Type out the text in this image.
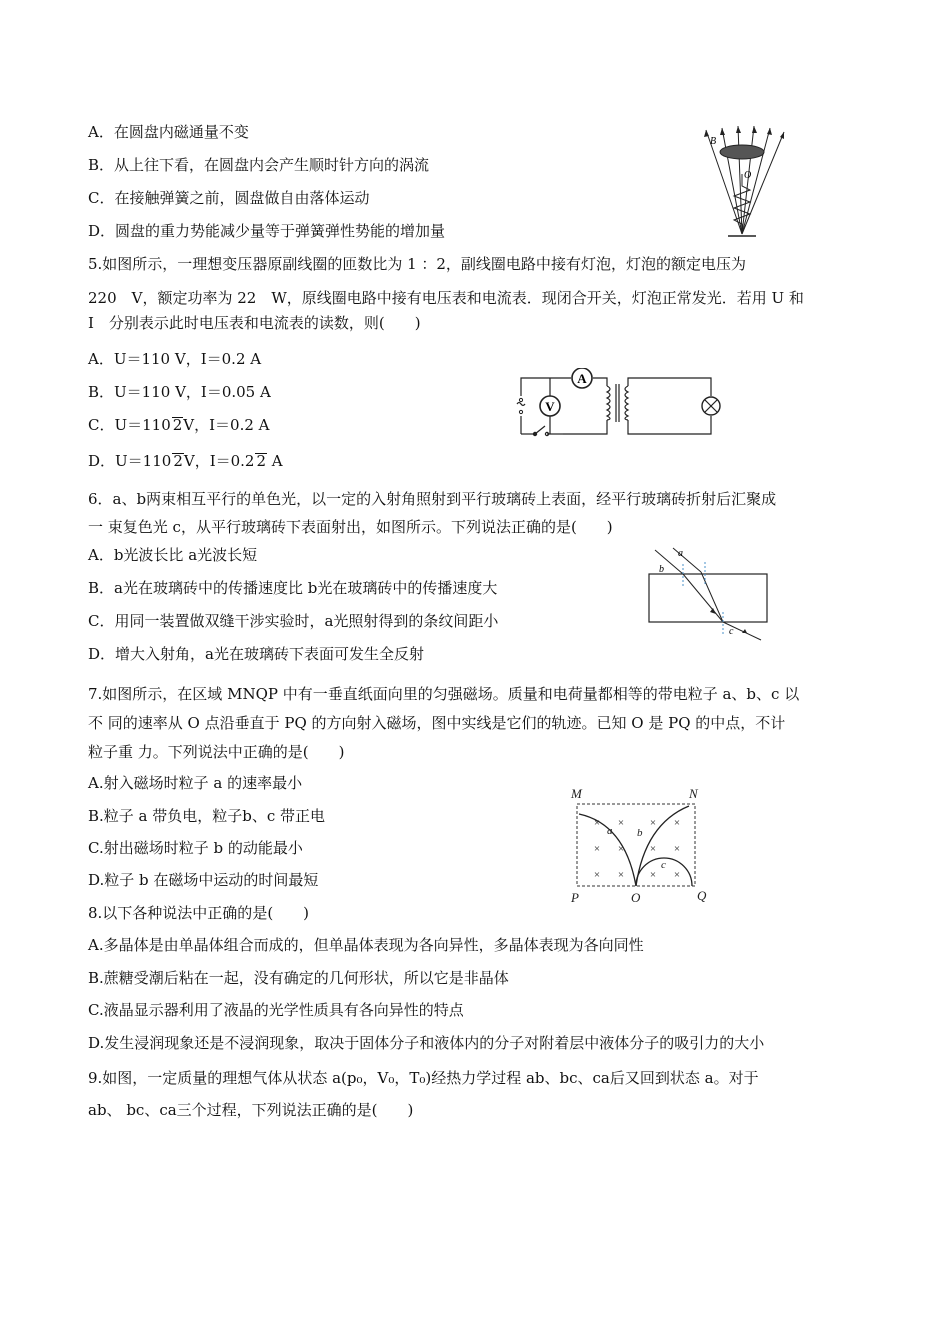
A．在圆盘内磁通量不变
B．从上往下看，在圆盘内会产生顺时针方向的涡流
C．在接触弹簧之前，圆盘做自由落体运动
D．圆盘的重力势能减少量等于弹簧弹性势能的增加量
B
O
5.如图所示，一理想变压器原副线圈的匝数比为 1 ：2，副线圈电路中接有灯泡，灯泡的额定电压为
220　V，额定功率为 22　W，原线圈电路中接有电压表和电流表．现闭合开关，灯泡正常发光．若用 U 和
I　分别表示此时电压表和电流表的读数，则(　　)
A．U＝110 V，I＝0.2 A
B．U＝110 V，I＝0.05 A
C．U＝110 2V，I＝0.2 A
D．U＝110 2V，I＝0.2 2 A
A
V
6．a、b两束相互平行的单色光，以一定的入射角照射到平行玻璃砖上表面，经平行玻璃砖折射后汇聚成
一 束复色光 c，从平行玻璃砖下表面射出，如图所示。下列说法正确的是(　　)
A．b光波长比 a光波长短
B．a光在玻璃砖中的传播速度比 b光在玻璃砖中的传播速度大
C．用同一装置做双缝干涉实验时，a光照射得到的条纹间距小
D．增大入射角，a光在玻璃砖下表面可发生全反射
a
b
c
7.如图所示，在区域 MNQP 中有一垂直纸面向里的匀强磁场。质量和电荷量都相等的带电粒子 a、b、c 以
不 同的速率从 O 点沿垂直于 PQ 的方向射入磁场，图中实线是它们的轨迹。已知 O 是 PQ 的中点，不计
粒子重 力。下列说法中正确的是(　　)
A.射入磁场时粒子 a 的速率最小
B.粒子 a 带负电，粒子b、c 带正电
C.射出磁场时粒子 b 的动能最小
D.粒子 b 在磁场中运动的时间最短
× × × ×
× × × ×
× × × ×
M	N
P	Q
O
a b
c
8.以下各种说法中正确的是(　　)
A.多晶体是由单晶体组合而成的，但单晶体表现为各向异性，多晶体表现为各向同性
B.蔗糖受潮后粘在一起，没有确定的几何形状，所以它是非晶体
C.液晶显示器利用了液晶的光学性质具有各向异性的特点
D.发生浸润现象还是不浸润现象，取决于固体分子和液体内的分子对附着层中液体分子的吸引力的大小
9.如图，一定质量的理想气体从状态 a(p₀，V₀，T₀)经热力学过程 ab、bc、ca后又回到状态 a。对于
ab、 bc、ca三个过程，下列说法正确的是(　　)
